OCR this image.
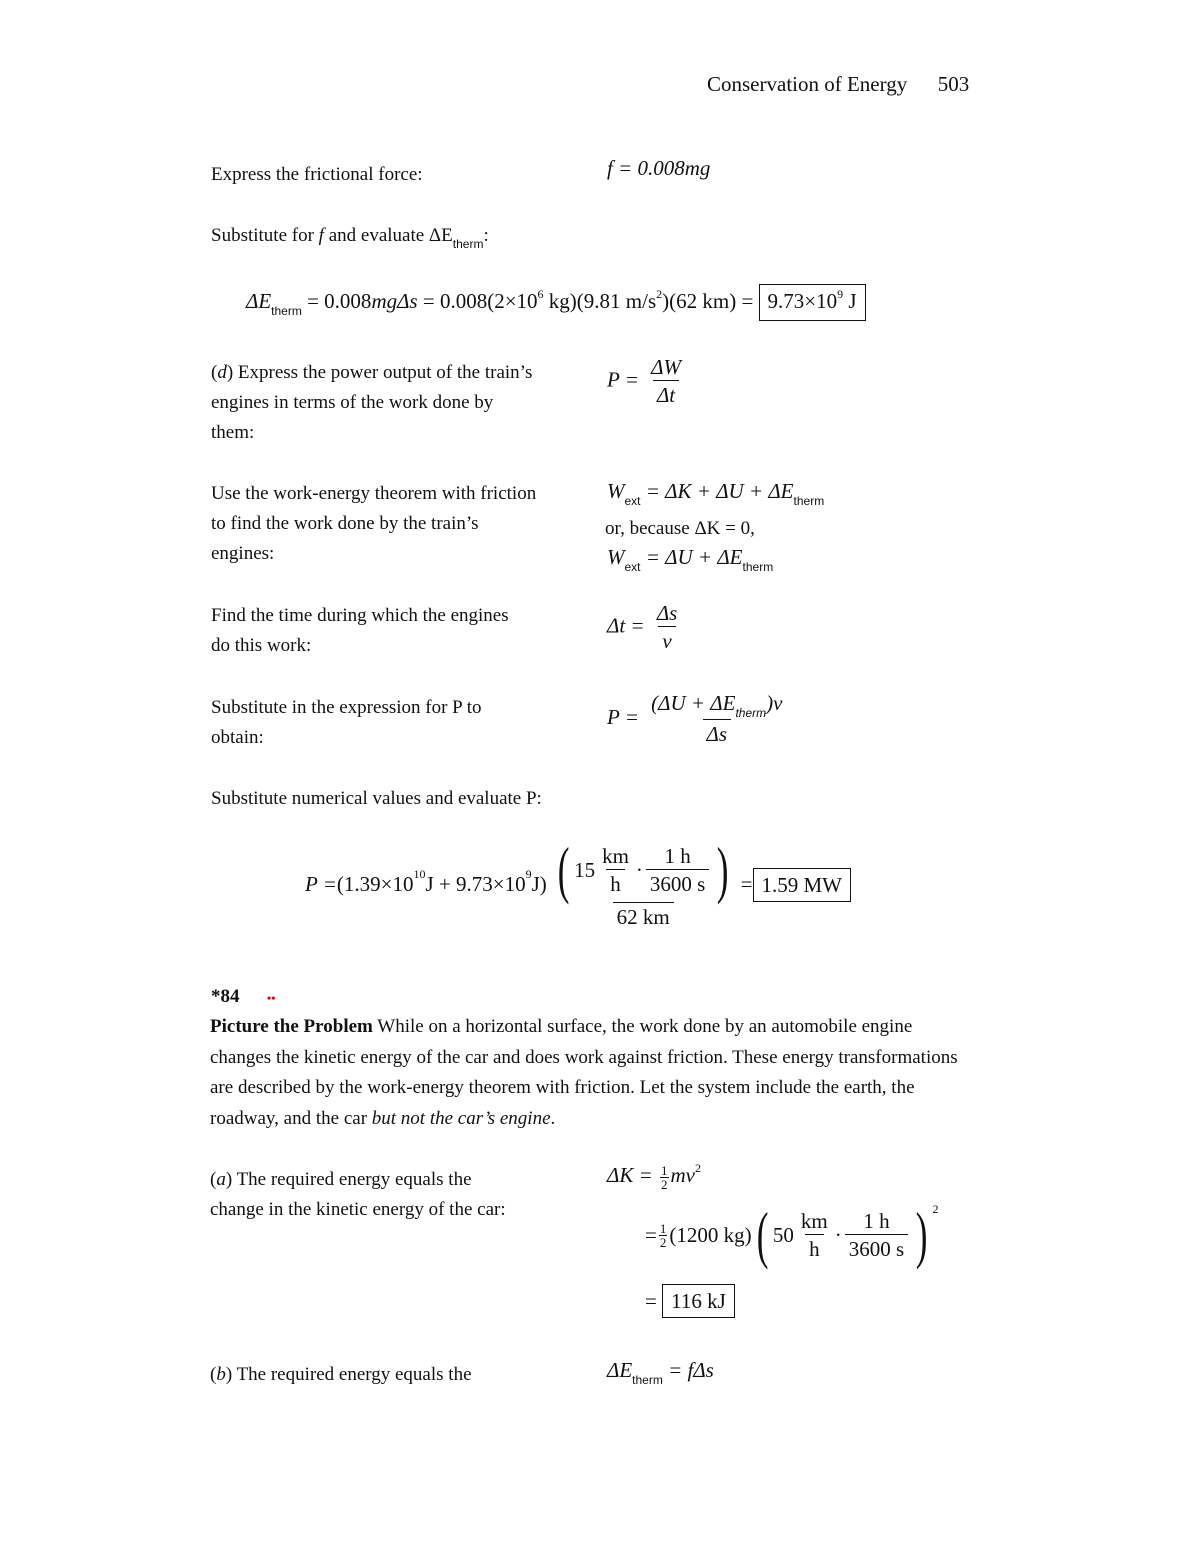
Conservation of Energy 503
Express the frictional force:	f = 0.008mg
Substitute for f and evaluate $\Delta E_{therm}$:
$\Delta E_{therm} = 0.008mg\Delta s = 0.008(2\times 10^6$ kg)(9.81 $m/s^2)(62$ $km) = 9.73\times 10^9$ J
(d) Express the power output of the train’s engines in terms of the work done by them:
$P = \frac{\Delta W}{\Delta t}$
Use the work-energy theorem with friction to find the work done by the train’s engines:
$W_{ext} = \Delta K + \Delta U + \Delta E_{therm}$
or, because ΔK = 0,
$W_{ext} = \Delta U + \Delta E_{therm}$
Find the time during which the engines do this work:
$\Delta t = \frac{\Delta s}{v}$
Substitute in the expression for P to obtain:
$P = \frac{(\Delta U + \Delta E_{therm})v}{\Delta s}$
Substitute numerical values and evaluate P:
P = (1.39×10 10 J + 9.73×10 9 $J) \frac{( 15 \frac{km}{h} \cdot \frac{1 h}{3600 s} )}{62 km} = 1.59$ MW
*84 ••
Picture the Problem While on a horizontal surface, the work done by an automobile engine changes the kinetic energy of the car and does work against friction. These energy transformations are described by the work-energy theorem with friction. Let the system include the earth, the roadway, and the car but not the car’s engine.
(a) The required energy equals the change in the kinetic energy of the car:
$\Delta K = \frac{1}{2} mv^2$
= $\frac{1}{2} (1200$ kg) ( $50 \frac{km}{h} \cdot \frac{1 h}{3600 s}$ ) 2
= 116 kJ
(b) The required energy equals the	$\Delta E_{therm} = f\Delta s$
